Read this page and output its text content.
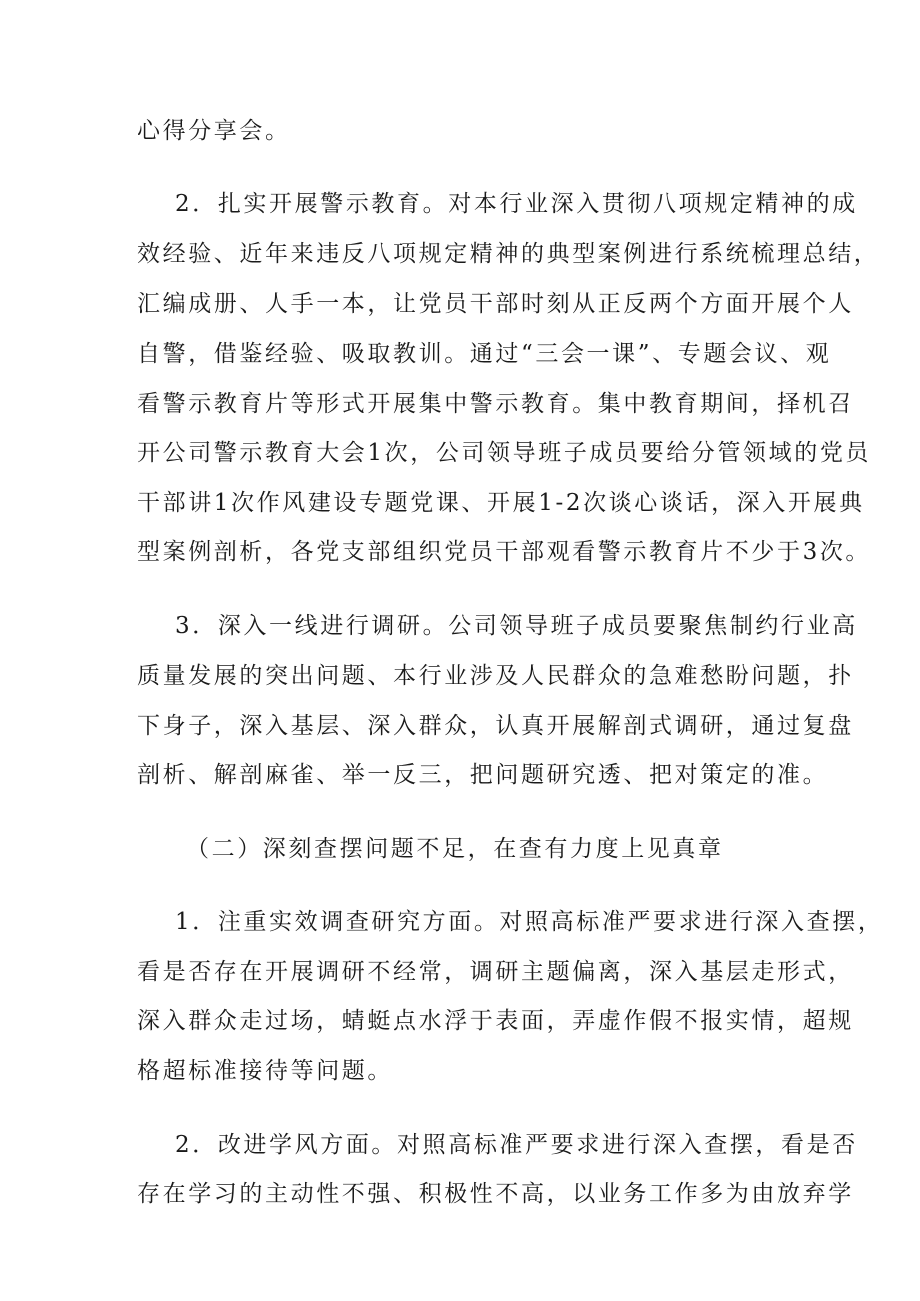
心得分享会。
2．扎实开展警示教育。对本行业深入贯彻八项规定精神的成
效经验、近年来违反八项规定精神的典型案例进行系统梳理总结，
汇编成册、人手一本，让党员干部时刻从正反两个方面开展个人
自警，借鉴经验、吸取教训。通过“三会一课”、专题会议、观
看警示教育片等形式开展集中警示教育。集中教育期间，择机召
开公司警示教育大会1次，公司领导班子成员要给分管领域的党员
干部讲1次作风建设专题党课、开展1-2次谈心谈话，深入开展典
型案例剖析，各党支部组织党员干部观看警示教育片不少于3次。
3．深入一线进行调研。公司领导班子成员要聚焦制约行业高
质量发展的突出问题、本行业涉及人民群众的急难愁盼问题，扑
下身子，深入基层、深入群众，认真开展解剖式调研，通过复盘
剖析、解剖麻雀、举一反三，把问题研究透、把对策定的准。
（二）深刻查摆问题不足，在查有力度上见真章
1．注重实效调查研究方面。对照高标准严要求进行深入查摆，
看是否存在开展调研不经常，调研主题偏离，深入基层走形式，
深入群众走过场，蜻蜓点水浮于表面，弄虚作假不报实情，超规
格超标准接待等问题。
2．改进学风方面。对照高标准严要求进行深入查摆，看是否
存在学习的主动性不强、积极性不高，以业务工作多为由放弃学
